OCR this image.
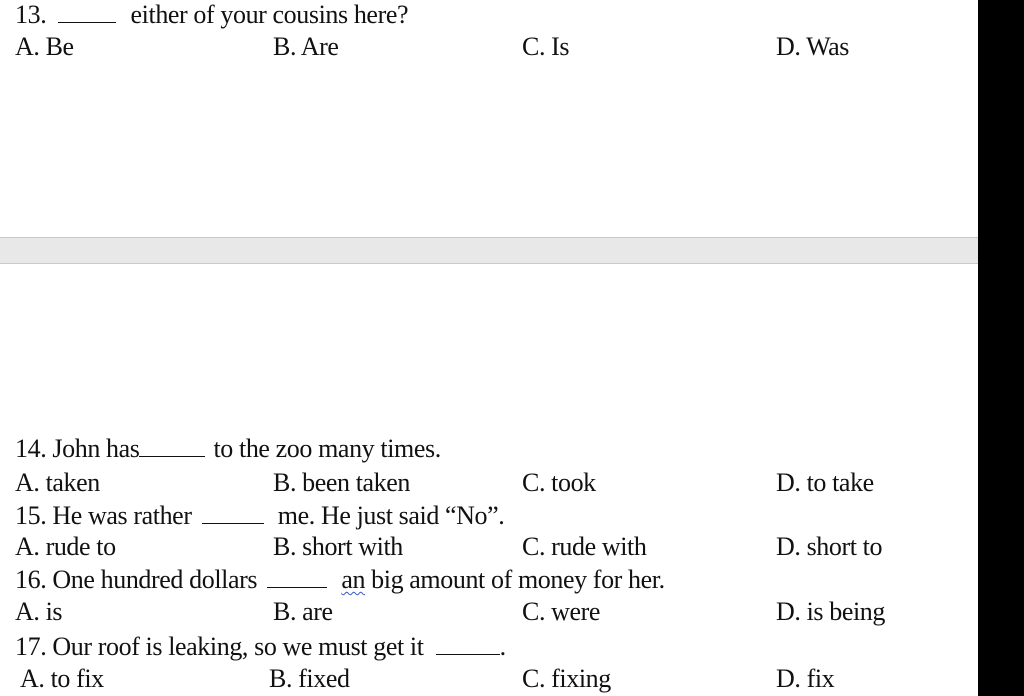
13.	either of your cousins here?
A. Be	B. Are	C. Is	D. Was
14. John has	to the zoo many times.
A. taken	B. been taken	C. took	D. to take
15. He was rather	me. He just said “No”.
A. rude to	B. short with	C. rude with	D. short to
16. One hundred dollars	an big amount of money for her.
A. is	B. are	C. were	D. is being
17. Our roof is leaking, so we must get it	.
A. to fix	B. fixed	C. fixing	D. fix
